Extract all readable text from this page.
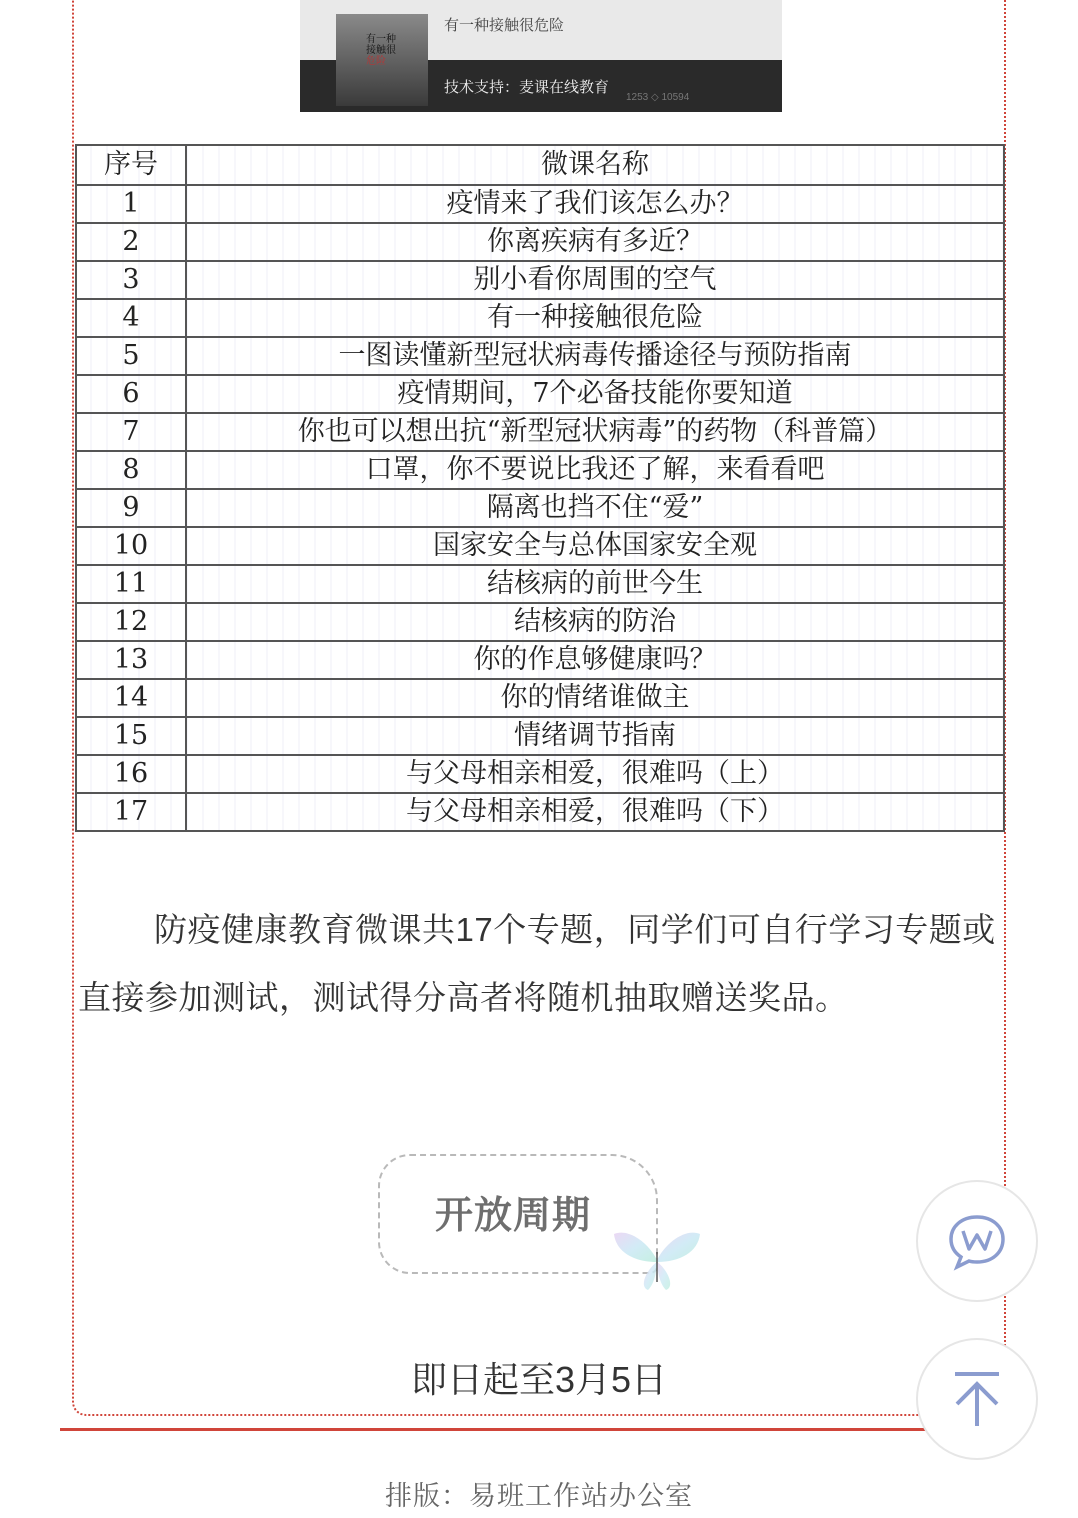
有一种
接触很
危险
有一种接触很危险
技术支持：麦课在线教育
1253 ◇ 10594
序号	微课名称
1	疫情来了我们该怎么办？
2	你离疾病有多近？
3	别小看你周围的空气
4	有一种接触很危险
5	一图读懂新型冠状病毒传播途径与预防指南
6	疫情期间，7个必备技能你要知道
7	你也可以想出抗“新型冠状病毒”的药物（科普篇）
8	口罩，你不要说比我还了解，来看看吧
9	隔离也挡不住“爱”
10	国家安全与总体国家安全观
11	结核病的前世今生
12	结核病的防治
13	你的作息够健康吗？
14	你的情绪谁做主
15	情绪调节指南
16	与父母相亲相爱，很难吗（上）
17	与父母相亲相爱，很难吗（下）
防疫健康教育微课共17个专题，同学们可自行学习专题或直接参加测试，测试得分高者将随机抽取赠送奖品。
开放周期
即日起至3月5日
排版：易班工作站办公室
